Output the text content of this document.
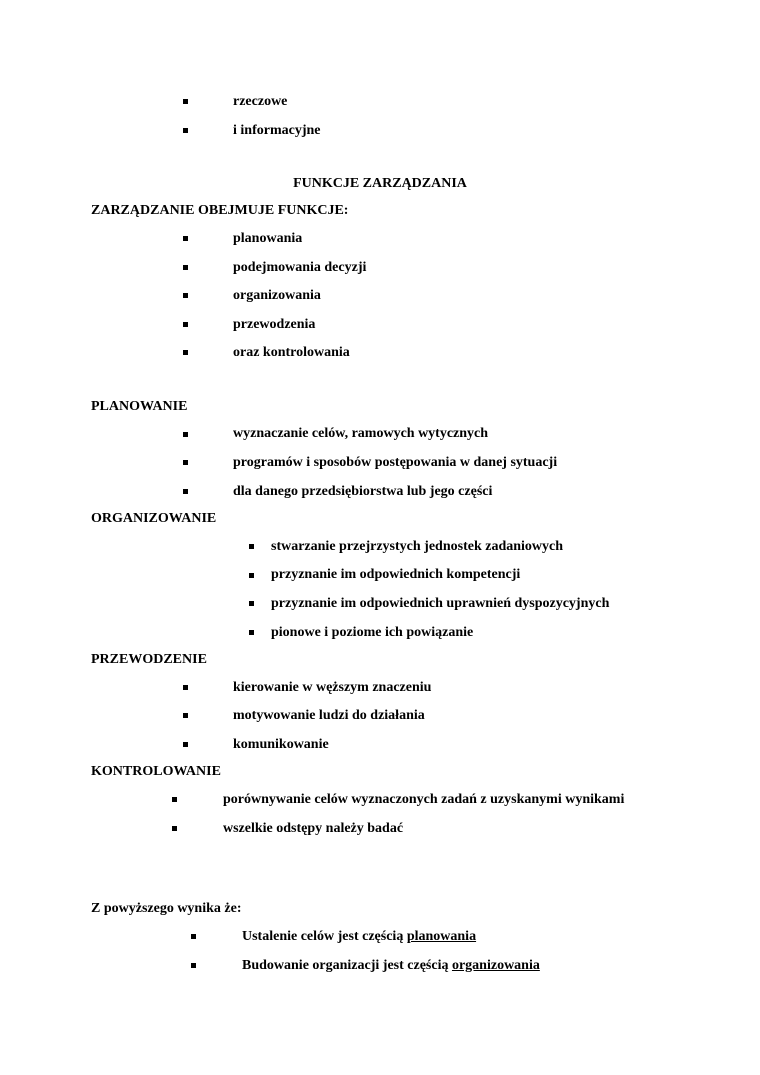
rzeczowe
i informacyjne
FUNKCJE ZARZĄDZANIA
ZARZĄDZANIE OBEJMUJE FUNKCJE:
planowania
podejmowania decyzji
organizowania
przewodzenia
oraz kontrolowania
PLANOWANIE
wyznaczanie celów, ramowych wytycznych
programów i sposobów postępowania w danej sytuacji
dla danego przedsiębiorstwa lub jego części
ORGANIZOWANIE
stwarzanie przejrzystych jednostek zadaniowych
przyznanie im odpowiednich kompetencji
przyznanie im odpowiednich uprawnień dyspozycyjnych
pionowe i poziome ich powiązanie
PRZEWODZENIE
kierowanie w węższym znaczeniu
motywowanie ludzi do działania
komunikowanie
KONTROLOWANIE
porównywanie celów wyznaczonych zadań z uzyskanymi wynikami
wszelkie odstępy należy badać
Z powyższego wynika że:
Ustalenie celów jest częścią planowania
Budowanie organizacji jest częścią organizowania
